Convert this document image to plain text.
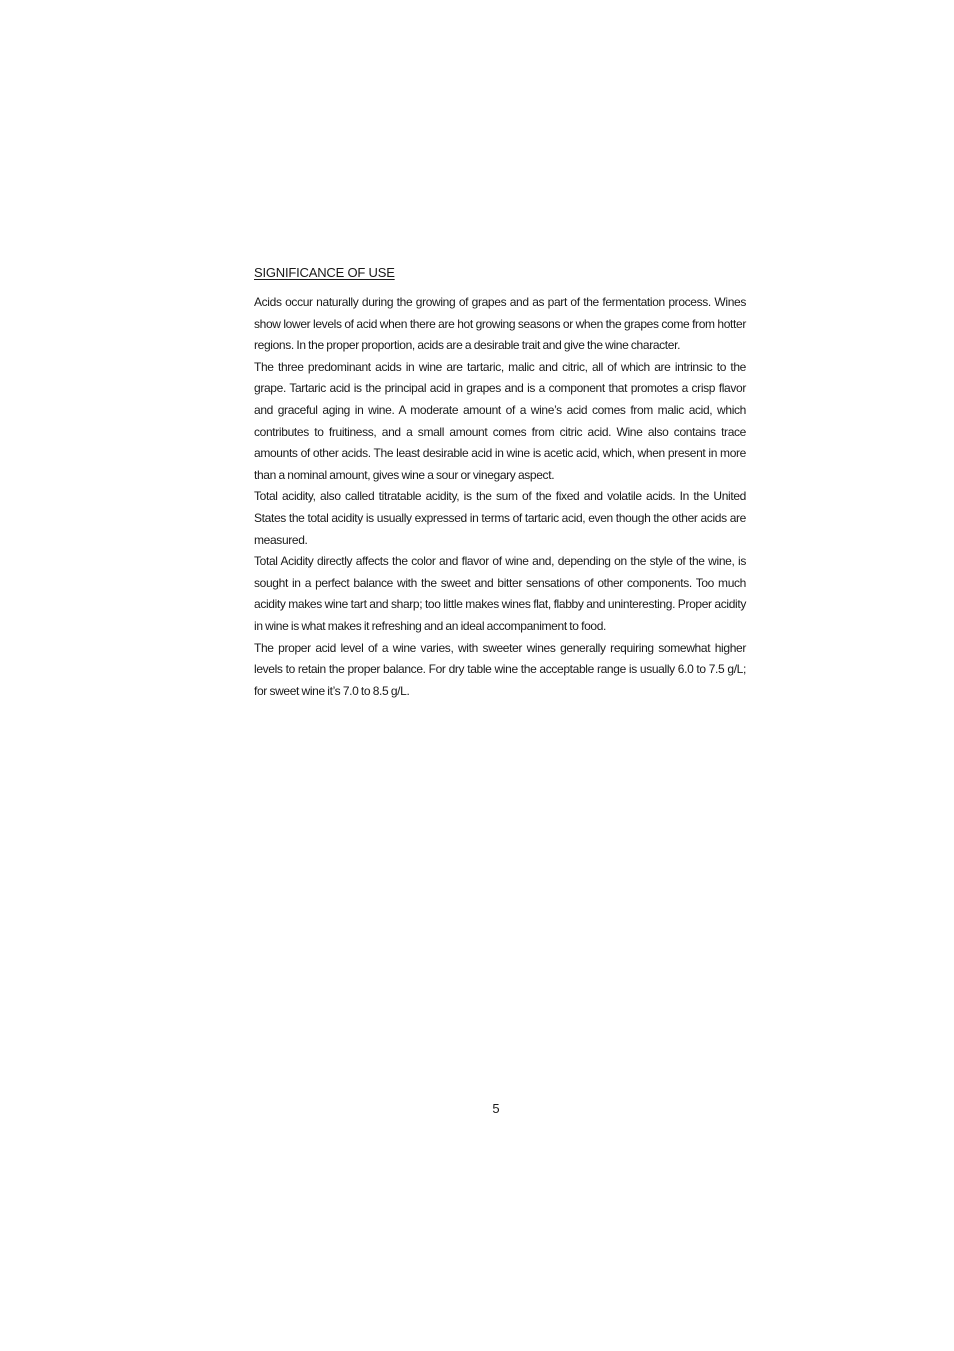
SIGNIFICANCE OF USE

Acids occur naturally during the growing of grapes and as part of the fermentation process. Wines show lower levels of acid when there are hot growing seasons or when the grapes come from hotter regions. In the proper proportion, acids are a desirable trait and give the wine character.

The three predominant acids in wine are tartaric, malic and citric, all of which are intrinsic to the grape. Tartaric acid is the principal acid in grapes and is a component that promotes a crisp flavor and graceful aging in wine. A moderate amount of a wine’s acid comes from malic acid, which contributes to fruitiness, and a small amount comes from citric acid. Wine also contains trace amounts of other acids. The least desirable acid in wine is acetic acid, which, when present in more than a nominal amount, gives wine a sour or vinegary aspect.

Total acidity, also called titratable acidity, is the sum of the fixed and volatile acids. In the United States the total acidity is usually expressed in terms of tartaric acid, even though the other acids are measured.

Total Acidity directly affects the color and flavor of wine and, depending on the style of the wine, is sought in a perfect balance with the sweet and bitter sensations of other components. Too much acidity makes wine tart and sharp; too little makes wines flat, flabby and uninteresting. Proper acidity in wine is what makes it refreshing and an ideal accompaniment to food.

The proper acid level of a wine varies, with sweeter wines generally requiring somewhat higher levels to retain the proper balance. For dry table wine the acceptable range is usually 6.0 to 7.5 g/L; for sweet wine it’s 7.0 to 8.5 g/L.

5
